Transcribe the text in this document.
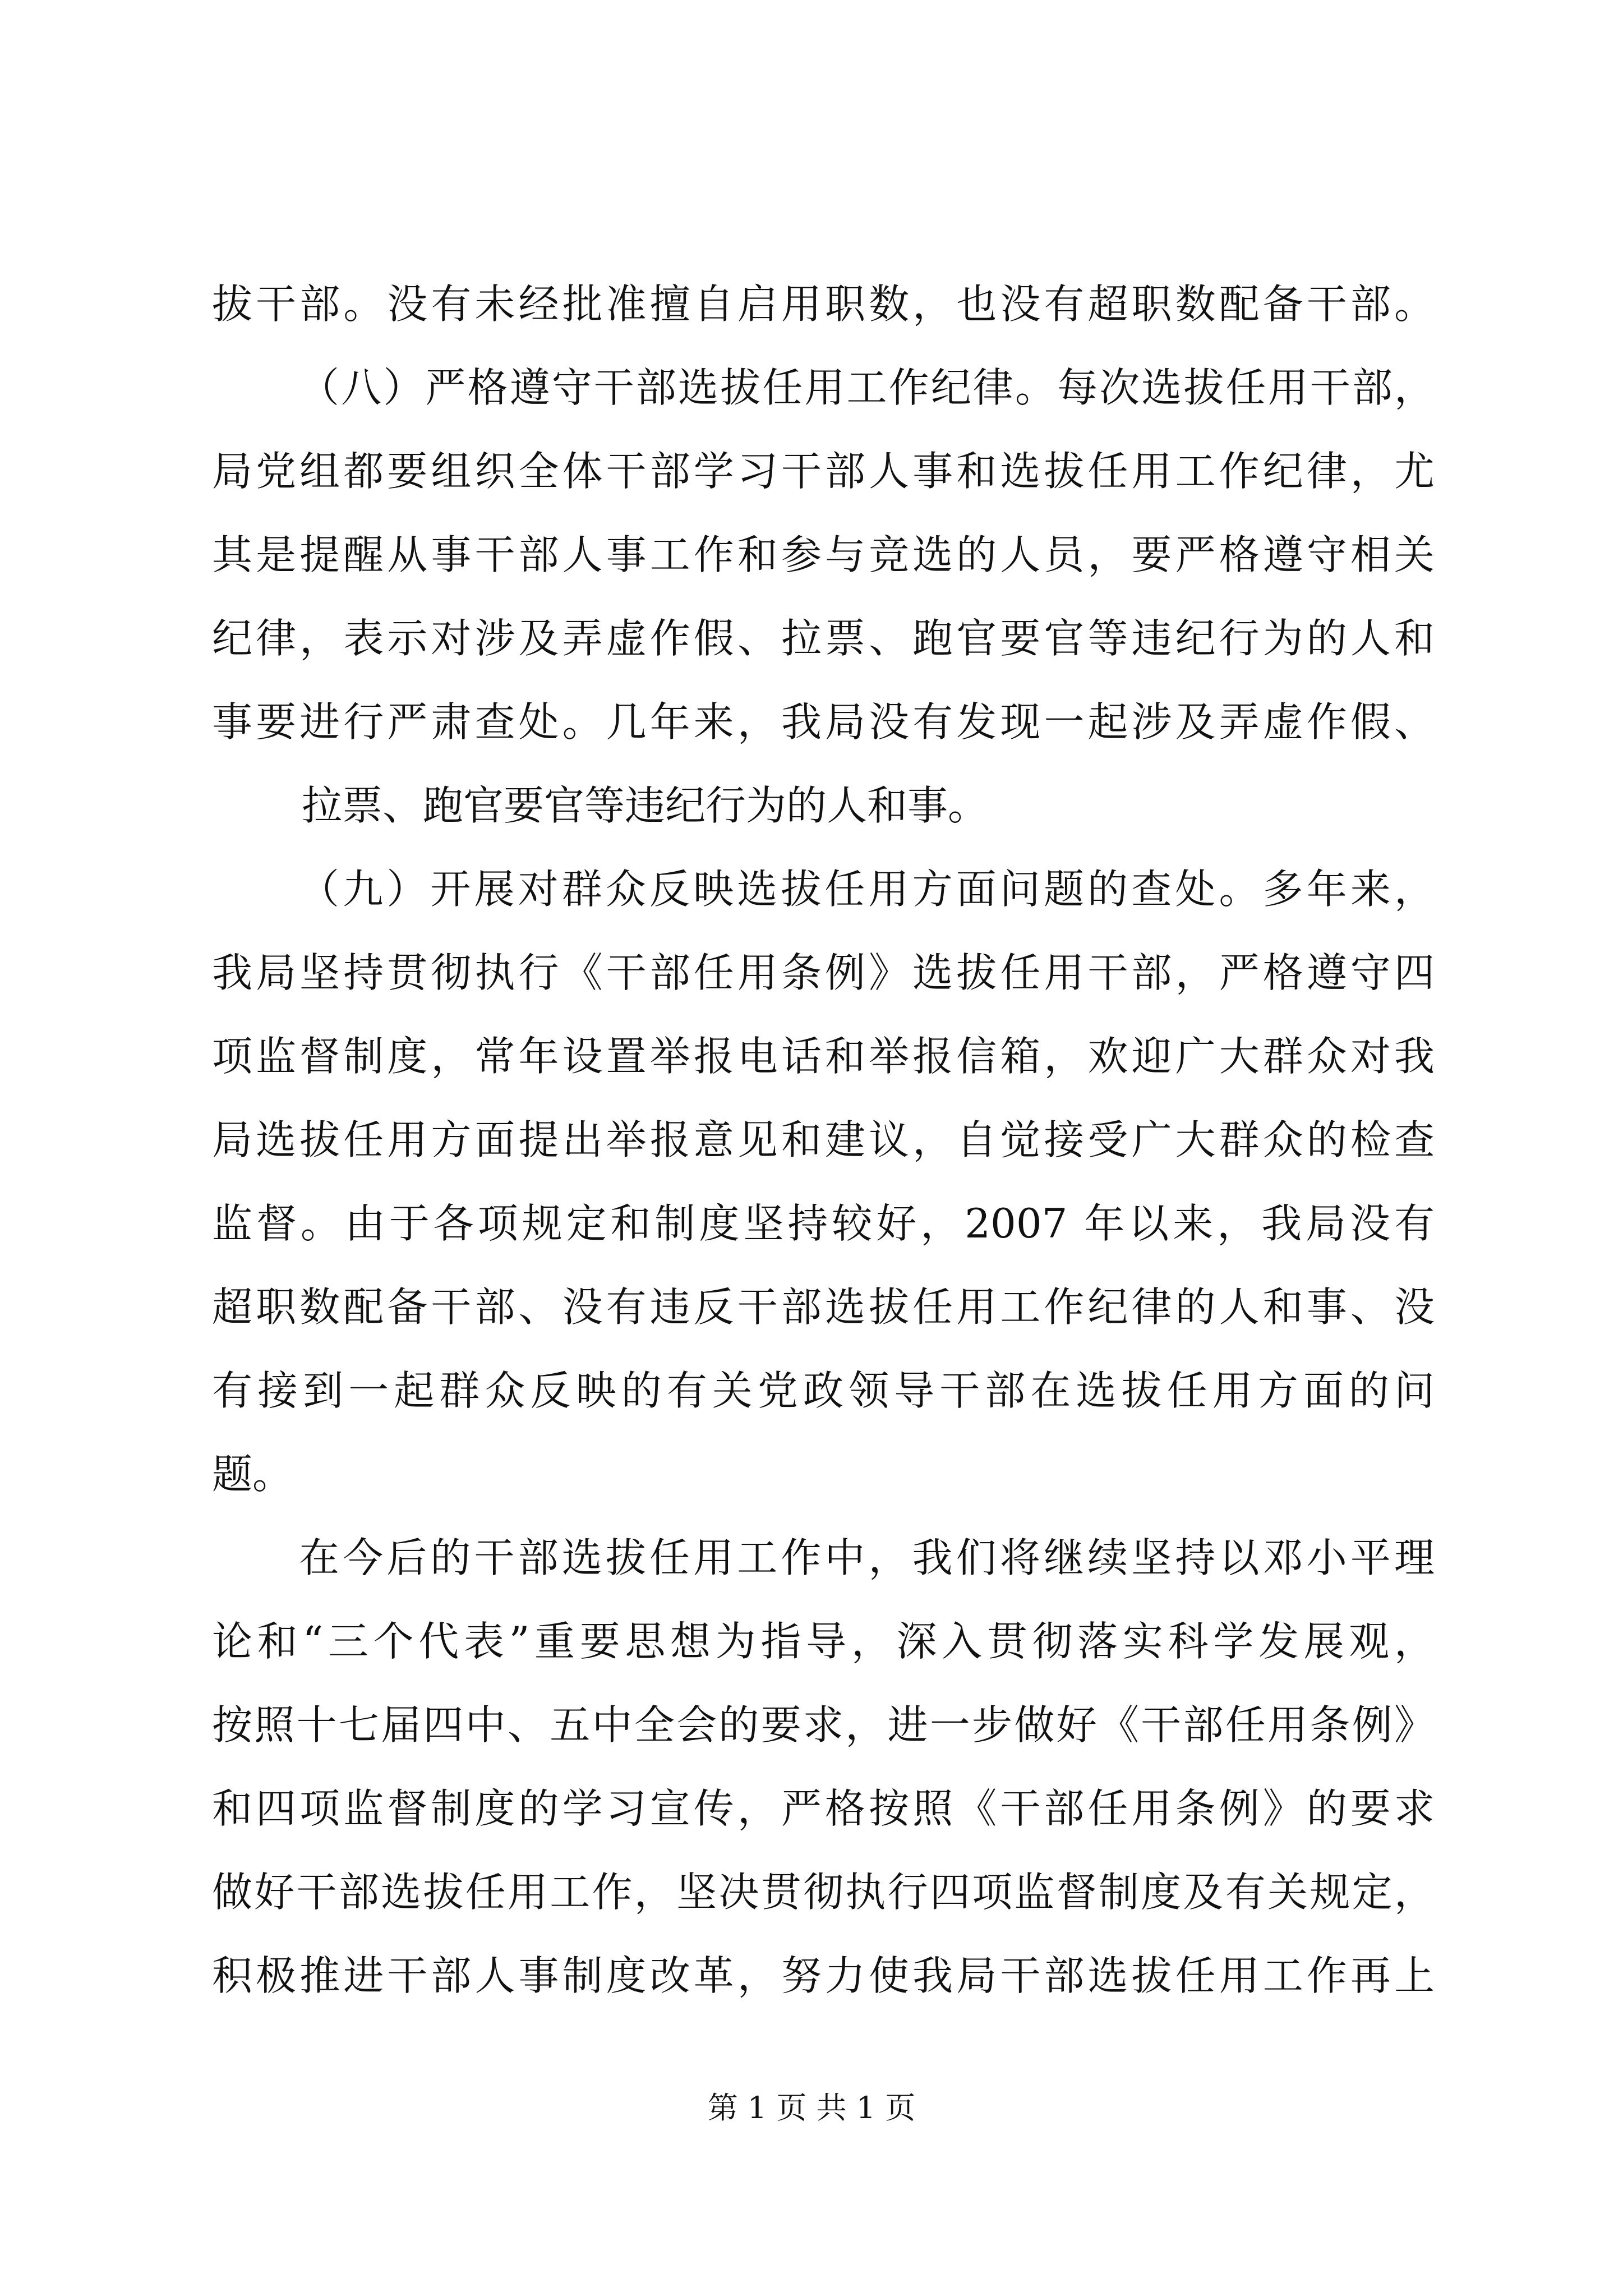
拔干部。没有未经批准擅自启用职数，也没有超职数配备干部。
（八）严格遵守干部选拔任用工作纪律。每次选拔任用干部，
局党组都要组织全体干部学习干部人事和选拔任用工作纪律，尤
其是提醒从事干部人事工作和参与竞选的人员，要严格遵守相关
纪律，表示对涉及弄虚作假、拉票、跑官要官等违纪行为的人和
事要进行严肃查处。几年来，我局没有发现一起涉及弄虚作假、
拉票、跑官要官等违纪行为的人和事。
（九）开展对群众反映选拔任用方面问题的查处。多年来，
我局坚持贯彻执行《干部任用条例》选拔任用干部，严格遵守四
项监督制度，常年设置举报电话和举报信箱，欢迎广大群众对我
局选拔任用方面提出举报意见和建议，自觉接受广大群众的检查
监督。由于各项规定和制度坚持较好，2007 年以来，我局没有
超职数配备干部、没有违反干部选拔任用工作纪律的人和事、没
有接到一起群众反映的有关党政领导干部在选拔任用方面的问
题。
在今后的干部选拔任用工作中，我们将继续坚持以邓小平理
论和“三个代表”重要思想为指导，深入贯彻落实科学发展观，
按照十七届四中、五中全会的要求，进一步做好《干部任用条例》
和四项监督制度的学习宣传，严格按照《干部任用条例》的要求
做好干部选拔任用工作，坚决贯彻执行四项监督制度及有关规定，
积极推进干部人事制度改革，努力使我局干部选拔任用工作再上
第 1 页 共 1 页
